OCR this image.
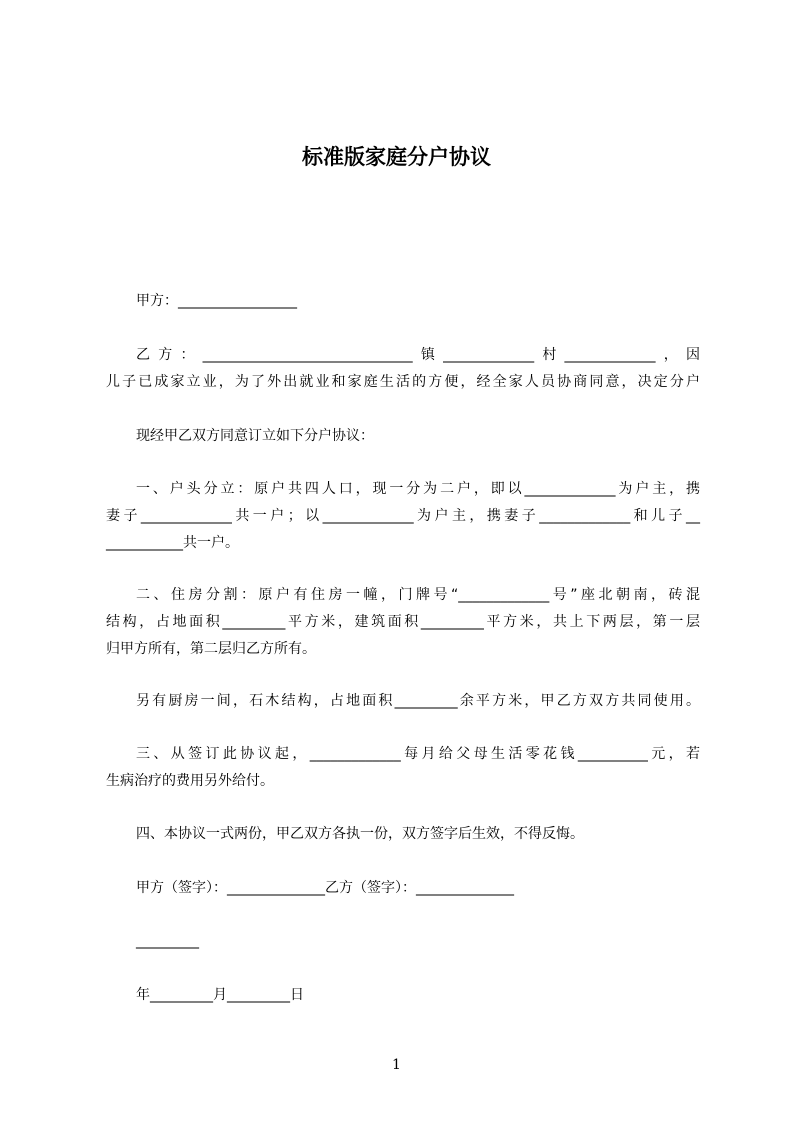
标准版家庭分户协议

甲方：_________________

乙方：______________________________镇_____________村_____________，因

儿子已成家立业，为了外出就业和家庭生活的方便，经全家人员协商同意，决定分户

现经甲乙双方同意订立如下分户协议：

一、户头分立：原户共四人口，现一分为二户，即以_____________为户主，携

妻子_____________共一户；以_____________为户主，携妻子_____________和儿子__

___________共一户。

二、住房分割：原户有住房一幢，门牌号“_____________号”座北朝南，砖混

结构，占地面积_________平方米，建筑面积_________平方米，共上下两层，第一层

归甲方所有，第二层归乙方所有。

另有厨房一间，石木结构，占地面积_________余平方米，甲乙方双方共同使用。

三、从签订此协议起，_____________每月给父母生活零花钱__________元，若

生病治疗的费用另外给付。

四、本协议一式两份，甲乙双方各执一份，双方签字后生效，不得反悔。

甲方（签字）：______________乙方（签字）：______________

_________

年_________月_________日

1
